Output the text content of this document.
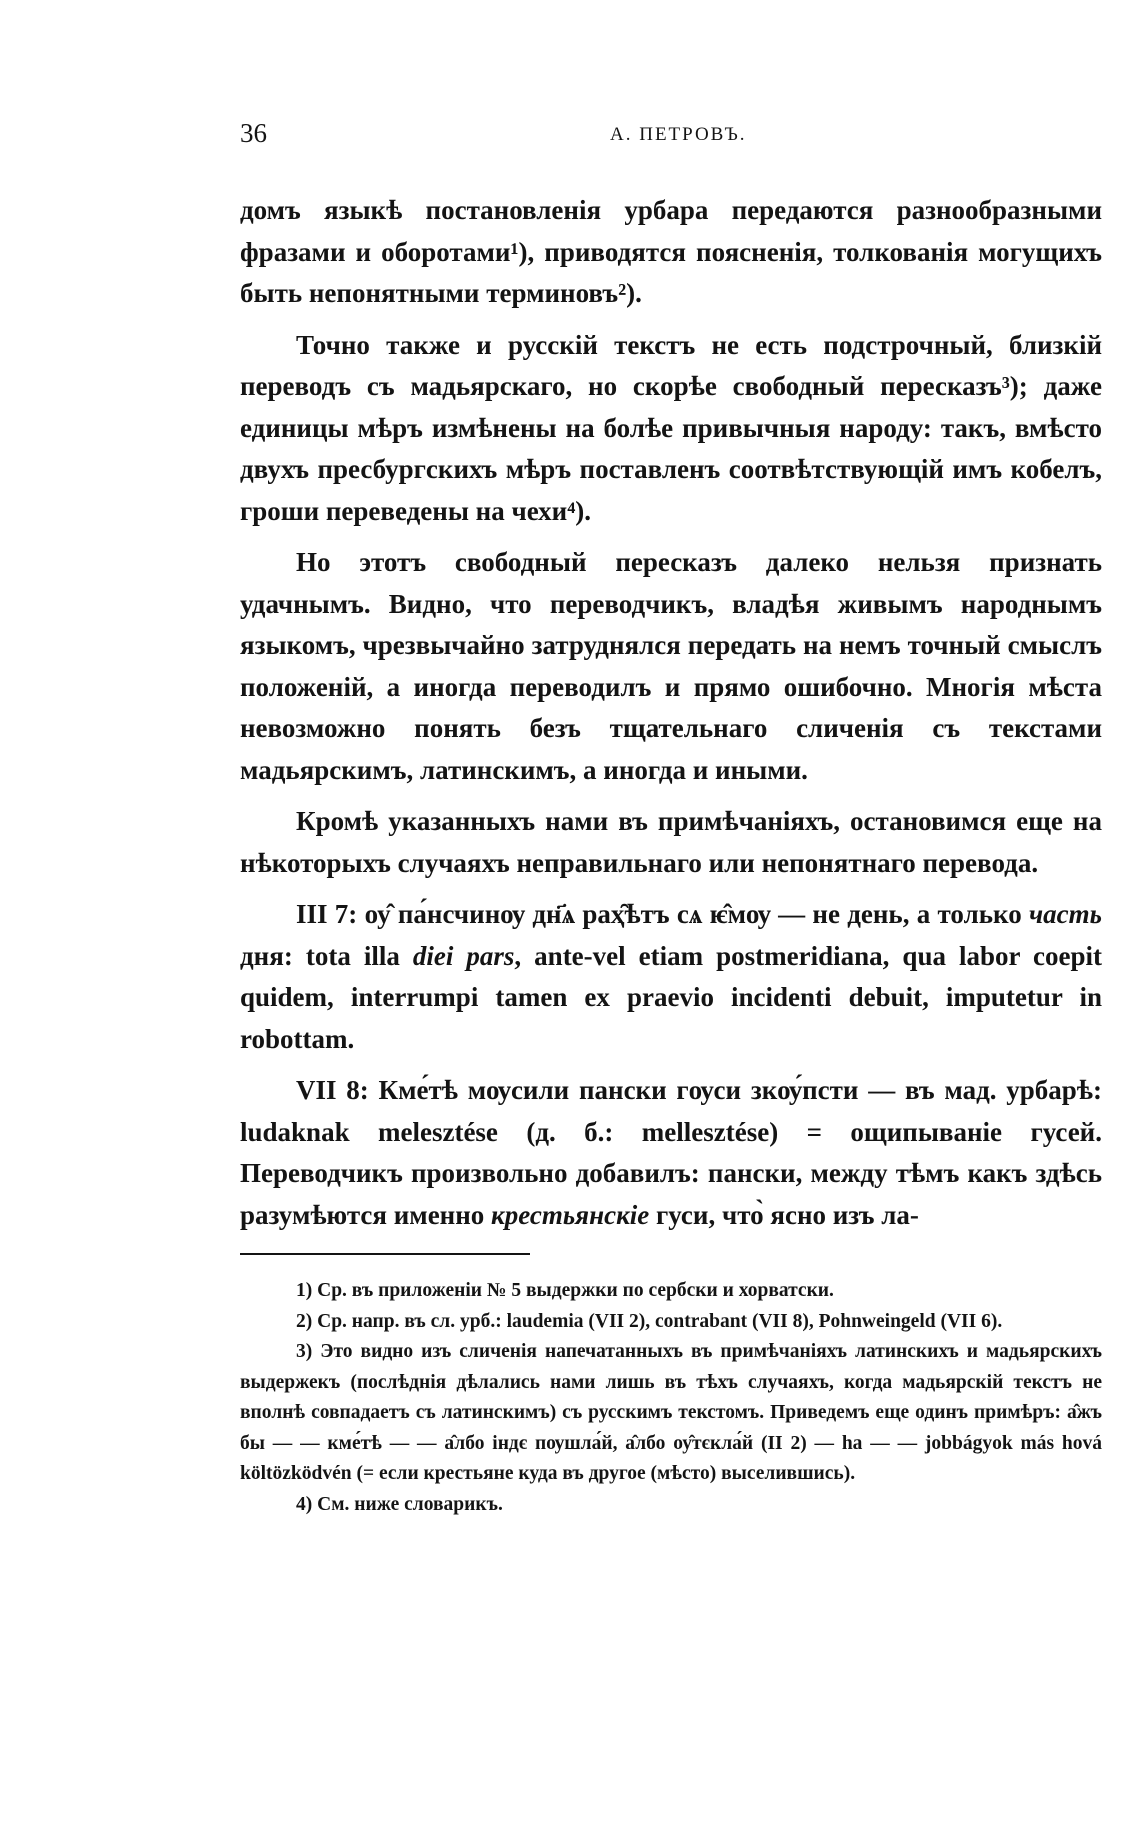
36	А. ПЕТРОВЪ.

домъ языкѣ постановленія урбара передаются разнообразными фразами и оборотами¹), приводятся поясненія, толкованія могущихъ быть непонятными терминовъ²).

Точно также и русскій текстъ не есть подстрочный, близкій переводъ съ мадьярскаго, но скорѣе свободный пересказъ³); даже единицы мѣръ измѣнены на болѣе привычныя народу: такъ, вмѣсто двухъ пресбургскихъ мѣръ поставленъ соотвѣтствующій имъ кобелъ, гроши переведены на чехи⁴).

Но этотъ свободный пересказъ далеко нельзя признать удачнымъ. Видно, что переводчикъ, владѣя живымъ народнымъ языкомъ, чрезвычайно затруднялся передать на немъ точный смыслъ положеній, а иногда переводилъ и прямо ошибочно. Многія мѣста невозможно понять безъ тщательнаго сличенія съ текстами мадьярскимъ, латинскимъ, а иногда и иными.

Кромѣ указанныхъ нами въ примѣчаніяхъ, остановимся еще на нѣкоторыхъ случаяхъ неправильнаго или непонятнаго перевода.

III 7: оу̂ па́нсчинѹ дн҃ѧ раҳ̑ѣтъ сѧ ѥ̂мѹ — не день, а только часть дня: tota illa diei pars, ante-vel etiam postmeridiana, qua labor coepit quidem, interrumpi tamen ex praevio incidenti debuit, imputetur in robottam.

VII 8: Кме́тѣ мѹсили пански гѹси зкѹ́псти — въ мад. урбарѣ: ludaknak melesztése (д. б.: mellesztése) = ощипываніе гусей. Переводчикъ произвольно добавилъ: пански, между тѣмъ какъ здѣсь разумѣются именно крестьянскіе гуси, что̀ ясно изъ ла-

1) Ср. въ приложеніи № 5 выдержки по сербски и хорватски.

2) Ср. напр. въ сл. урб.: laudemia (VII 2), contrabant (VII 8), Pohnweingeld (VII 6).

3) Это видно изъ сличенія напечатанныхъ въ примѣчаніяхъ латинскихъ и мадьярскихъ выдержекъ (послѣднія дѣлались нами лишь въ тѣхъ случаяхъ, когда мадьярскій текстъ не вполнѣ совпадаетъ съ латинскимъ) съ русскимъ текстомъ. Приведемъ еще одинъ примѣръ: а̂жъ бы — — кме́тѣ — — а̂лбо індє пѹшла́й, а̂лбо оу̂тєкла́й (II 2) — ha — — jobbágyok más hová költözködvén (= если крестьяне куда въ другое (мѣсто) выселившись).

4) См. ниже словарикъ.
